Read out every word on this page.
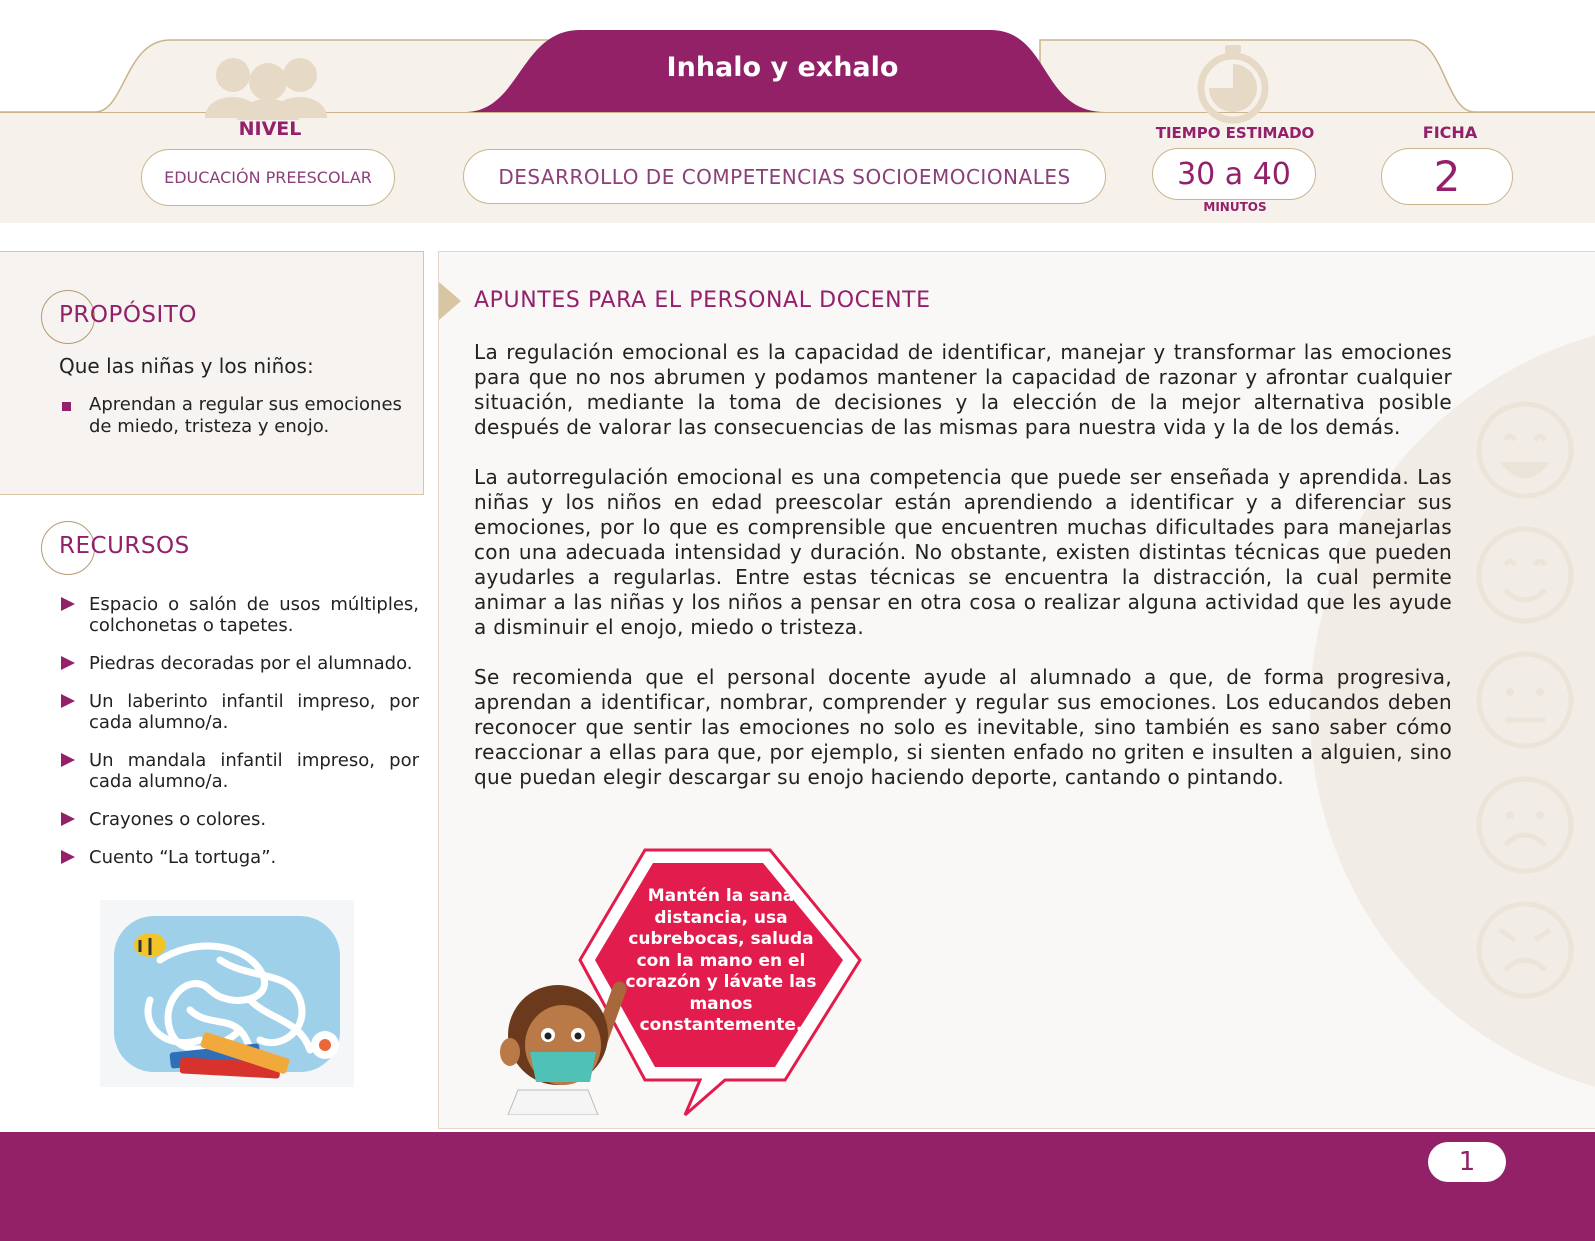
Inhalo y exhalo
NIVEL
EDUCACIÓN PREESCOLAR	DESARROLLO DE COMPETENCIAS SOCIOEMOCIONALES
TIEMPO ESTIMADO
30 a 40
MINUTOS
FICHA
2
PROPÓSITO
Que las niñas y los niños:
Aprendan a regular sus emociones de miedo, tristeza y enojo.
RECURSOS
Espacio o salón de usos múltiples, colchonetas o tapetes.
Piedras decoradas por el alumnado.
Un laberinto infantil impreso, por cada alumno/a.
Un mandala infantil impreso, por cada alumno/a.
Crayones o colores.
Cuento “La tortuga”.
APUNTES PARA EL PERSONAL DOCENTE
La regulación emocional es la capacidad de identificar, manejar y transformar las emociones para que no nos abrumen y podamos mantener la capacidad de razonar y afrontar cualquier situación, mediante la toma de decisiones y la elección de la mejor alternativa posible después de valorar las consecuencias de las mismas para nuestra vida y la de los demás.
La autorregulación emocional es una competencia que puede ser enseñada y aprendida. Las niñas y los niños en edad preescolar están aprendiendo a identificar y a diferenciar sus emociones, por lo que es comprensible que encuentren muchas dificultades para manejarlas con una adecuada intensidad y duración. No obstante, existen distintas técnicas que pueden ayudarles a regularlas. Entre estas técnicas se encuentra la distracción, la cual permite animar a las niñas y los niños a pensar en otra cosa o realizar alguna actividad que les ayude a disminuir el enojo, miedo o tristeza.
Se recomienda que el personal docente ayude al alumnado a que, de forma progresiva, aprendan a identificar, nombrar, comprender y regular sus emociones. Los educandos deben reconocer que sentir las emociones no solo es inevitable, sino también es sano saber cómo reaccionar a ellas para que, por ejemplo, si sienten enfado no griten e insulten a alguien, sino que puedan elegir descargar su enojo haciendo deporte, cantando o pintando.
Mantén la sana distancia, usa cubrebocas, saluda con la mano en el corazón y lávate las manos constantemente.
1
